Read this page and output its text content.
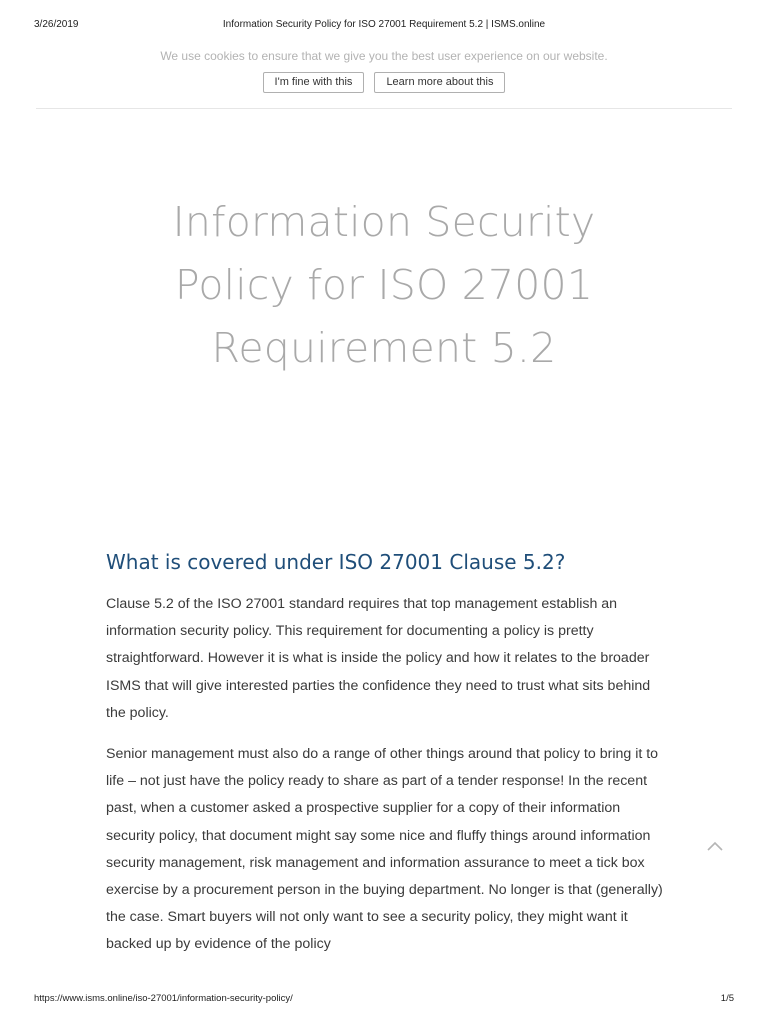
3/26/2019	Information Security Policy for ISO 27001 Requirement 5.2 | ISMS.online
We use cookies to ensure that we give you the best user experience on our website.
I'm fine with this	Learn more about this
Information Security Policy for ISO 27001 Requirement 5.2
What is covered under ISO 27001 Clause 5.2?

Clause 5.2 of the ISO 27001 standard requires that top management establish an information security policy. This requirement for documenting a policy is pretty straightforward. However it is what is inside the policy and how it relates to the broader ISMS that will give interested parties the confidence they need to trust what sits behind the policy.

Senior management must also do a range of other things around that policy to bring it to life – not just have the policy ready to share as part of a tender response! In the recent past, when a customer asked a prospective supplier for a copy of their information security policy, that document might say some nice and fluffy things around information security management, risk management and information assurance to meet a tick box exercise by a procurement person in the buying department. No longer is that (generally) the case. Smart buyers will not only want to see a security policy, they might want it backed up by evidence of the policy

https://www.isms.online/iso-27001/information-security-policy/	1/5
